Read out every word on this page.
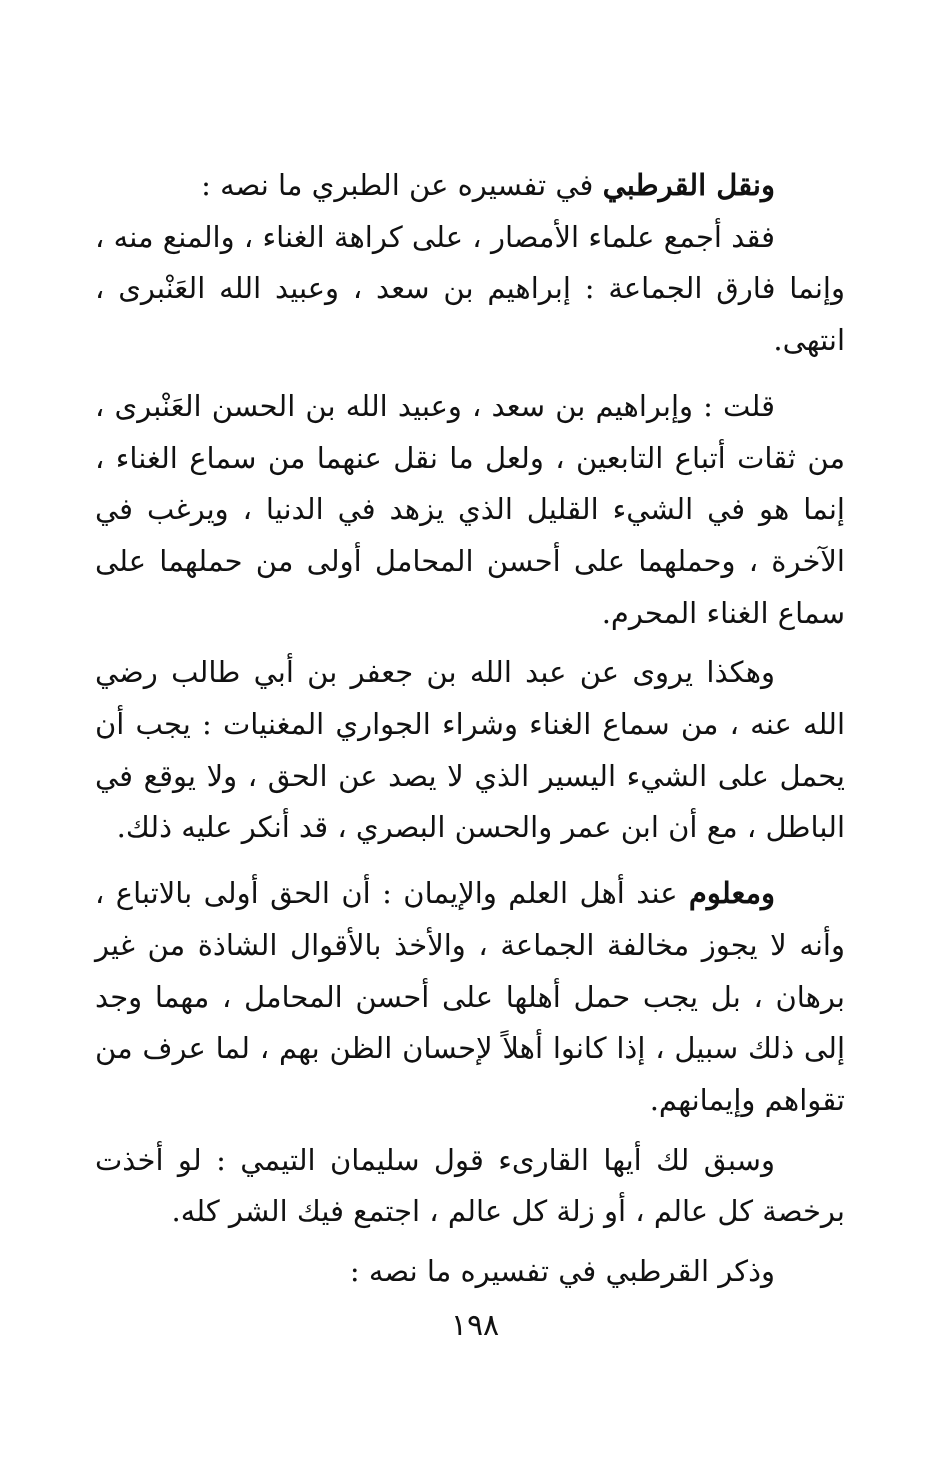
ونقل القرطبي في تفسيره عن الطبري ما نصه :

فقد أجمع علماء الأمصار ، على كراهة الغناء ، والمنع منه ، وإنما فارق الجماعة : إبراهيم بن سعد ، وعبيد الله العَنْبرى ، انتهى.

قلت : وإبراهيم بن سعد ، وعبيد الله بن الحسن العَنْبرى ، من ثقات أتباع التابعين ، ولعل ما نقل عنهما من سماع الغناء ، إنما هو في الشيء القليل الذي يزهد في الدنيا ، ويرغب في الآخرة ، وحملهما على أحسن المحامل أولى من حملهما على سماع الغناء المحرم.

وهكذا يروى عن عبد الله بن جعفر بن أبي طالب رضي الله عنه ، من سماع الغناء وشراء الجواري المغنيات : يجب أن يحمل على الشيء اليسير الذي لا يصد عن الحق ، ولا يوقع في الباطل ، مع أن ابن عمر والحسن البصري ، قد أنكر عليه ذلك.

ومعلوم عند أهل العلم والإيمان : أن الحق أولى بالاتباع ، وأنه لا يجوز مخالفة الجماعة ، والأخذ بالأقوال الشاذة من غير برهان ، بل يجب حمل أهلها على أحسن المحامل ، مهما وجد إلى ذلك سبيل ، إذا كانوا أهلاً لإحسان الظن بهم ، لما عرف من تقواهم وإيمانهم.

وسبق لك أيها القارىء قول سليمان التيمي : لو أخذت برخصة كل عالم ، أو زلة كل عالم ، اجتمع فيك الشر كله.

وذكر القرطبي في تفسيره ما نصه :

١٩٨
